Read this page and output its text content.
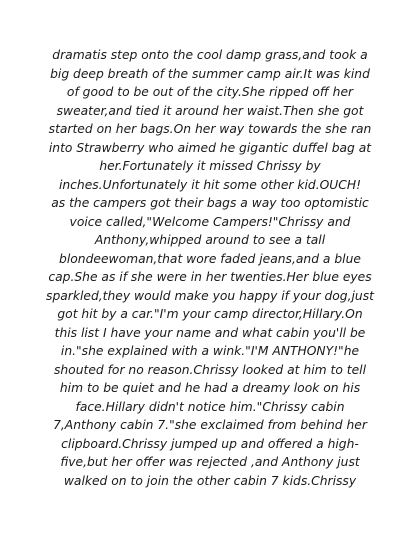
dramatis step onto the cool damp grass,and took a
big deep breath of the summer camp air.It was kind
of good to be out of the city.She ripped off her
sweater,and tied it around her waist.Then she got
started on her bags.On her way towards the she ran
into Strawberry who aimed he gigantic duffel bag at
her.Fortunately it missed Chrissy by
inches.Unfortunately it hit some other kid.OUCH!
as the campers got their bags a way too optomistic
voice called,"Welcome Campers!"Chrissy and
Anthony,whipped around to see a tall
blondeewoman,that wore faded jeans,and a blue
cap.She as if she were in her twenties.Her blue eyes
sparkled,they would make you happy if your dog,just
got hit by a car."I'm your camp director,Hillary.On
this list I have your name and what cabin you'll be
in."she explained with a wink."I'M ANTHONY!"he
shouted for no reason.Chrissy looked at him to tell
him to be quiet and he had a dreamy look on his
face.Hillary didn't notice him."Chrissy cabin
7,Anthony cabin 7."she exclaimed from behind her
clipboard.Chrissy jumped up and offered a high-
five,but her offer was rejected ,and Anthony just
walked on to join the other cabin 7 kids.Chrissy
